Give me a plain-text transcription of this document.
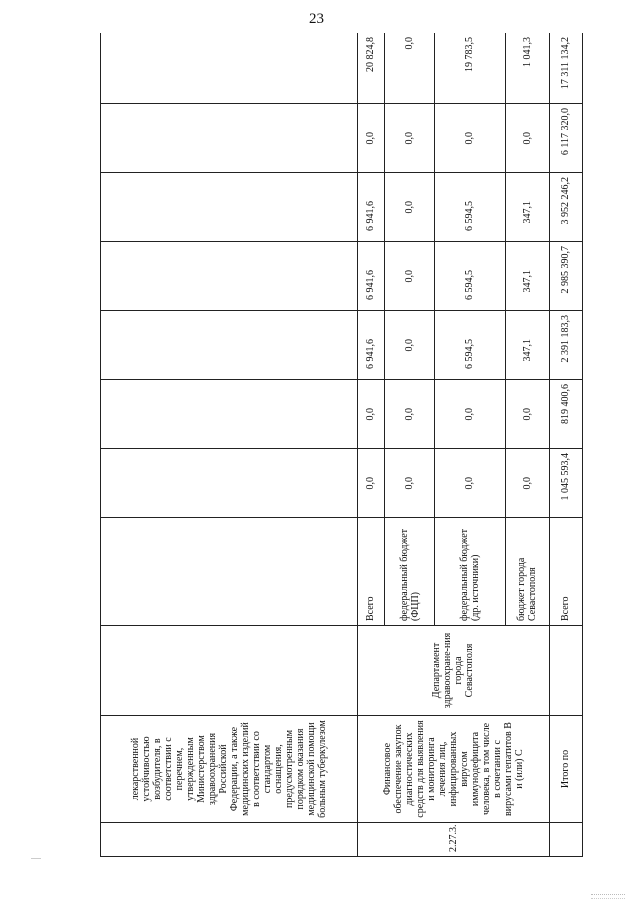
23
	лекарственной устойчивостью возбудителя, в соответствии с перечнем, утвержденным Министерством здравоохранения Российской Федерации, а также медицинских изделий в соответствии со стандартом оснащения, предусмотренным порядком оказания медицинской помощи больным туберкулезом									
2.27.3.	Финансовое обеспечение закупок диагностических средств для выявления и мониторинга лечения лиц, инфицированных вирусом иммунодефицита человека, в том числе в сочетании с вирусами гепатитов В и (или) С	Департамент здравоохране-ния города Севастополя	Всего	0,0	0,0	6 941,6	6 941,6	6 941,6	0,0	20 824,8
			федеральный бюджет (ФЦП)	0,0	0,0	0,0	0,0	0,0	0,0	0,0
			федеральный бюджет (др. источники)	0,0	0,0	6 594,5	6 594,5	6 594,5	0,0	19 783,5
			бюджет города Севастополя	0,0	0,0	347,1	347,1	347,1	0,0	1 041,3
	Итого по		Всего	1 045 593,4	819 400,6	2 391 183,3	2 985 390,7	3 952 246,2	6 117 320,0	17 311 134,2
